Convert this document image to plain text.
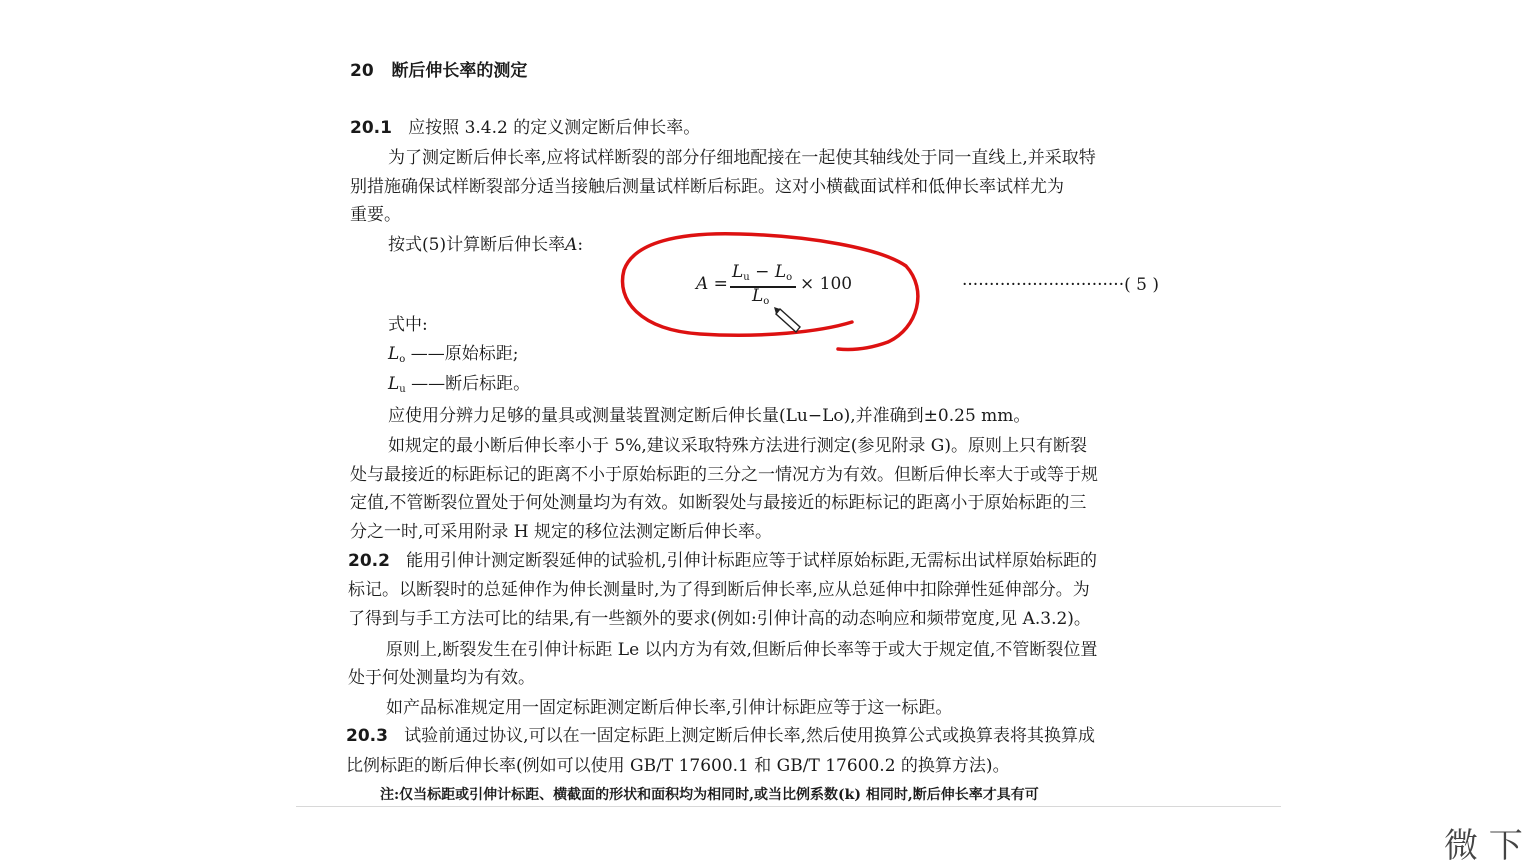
20 断后伸长率的测定
20.1 应按照 3.4.2 的定义测定断后伸长率。
为了测定断后伸长率,应将试样断裂的部分仔细地配接在一起使其轴线处于同一直线上,并采取特
别措施确保试样断裂部分适当接触后测量试样断后标距。这对小横截面试样和低伸长率试样尤为
重要。
按式(5)计算断后伸长率A:
A =
$L_u - L_o$
$L_o$
× 100	······························( 5 )
式中:
$L_o$ ——原始标距;
$L_u$ ——断后标距。
应使用分辨力足够的量具或测量装置测定断后伸长量(Lu−Lo),并准确到±0.25 mm。
如规定的最小断后伸长率小于 5%,建议采取特殊方法进行测定(参见附录 G)。原则上只有断裂
处与最接近的标距标记的距离不小于原始标距的三分之一情况方为有效。但断后伸长率大于或等于规
定值,不管断裂位置处于何处测量均为有效。如断裂处与最接近的标距标记的距离小于原始标距的三
分之一时,可采用附录 H 规定的移位法测定断后伸长率。
20.2 能用引伸计测定断裂延伸的试验机,引伸计标距应等于试样原始标距,无需标出试样原始标距的
标记。以断裂时的总延伸作为伸长测量时,为了得到断后伸长率,应从总延伸中扣除弹性延伸部分。为
了得到与手工方法可比的结果,有一些额外的要求(例如:引伸计高的动态响应和频带宽度,见 A.3.2)。
原则上,断裂发生在引伸计标距 Le 以内方为有效,但断后伸长率等于或大于规定值,不管断裂位置
处于何处测量均为有效。
如产品标准规定用一固定标距测定断后伸长率,引伸计标距应等于这一标距。
20.3 试验前通过协议,可以在一固定标距上测定断后伸长率,然后使用换算公式或换算表将其换算成
比例标距的断后伸长率(例如可以使用 GB/T 17600.1 和 GB/T 17600.2 的换算方法)。
注:仅当标距或引伸计标距、横截面的形状和面积均为相同时,或当比例系数(k) 相同时,断后伸长率才具有可
微 下
